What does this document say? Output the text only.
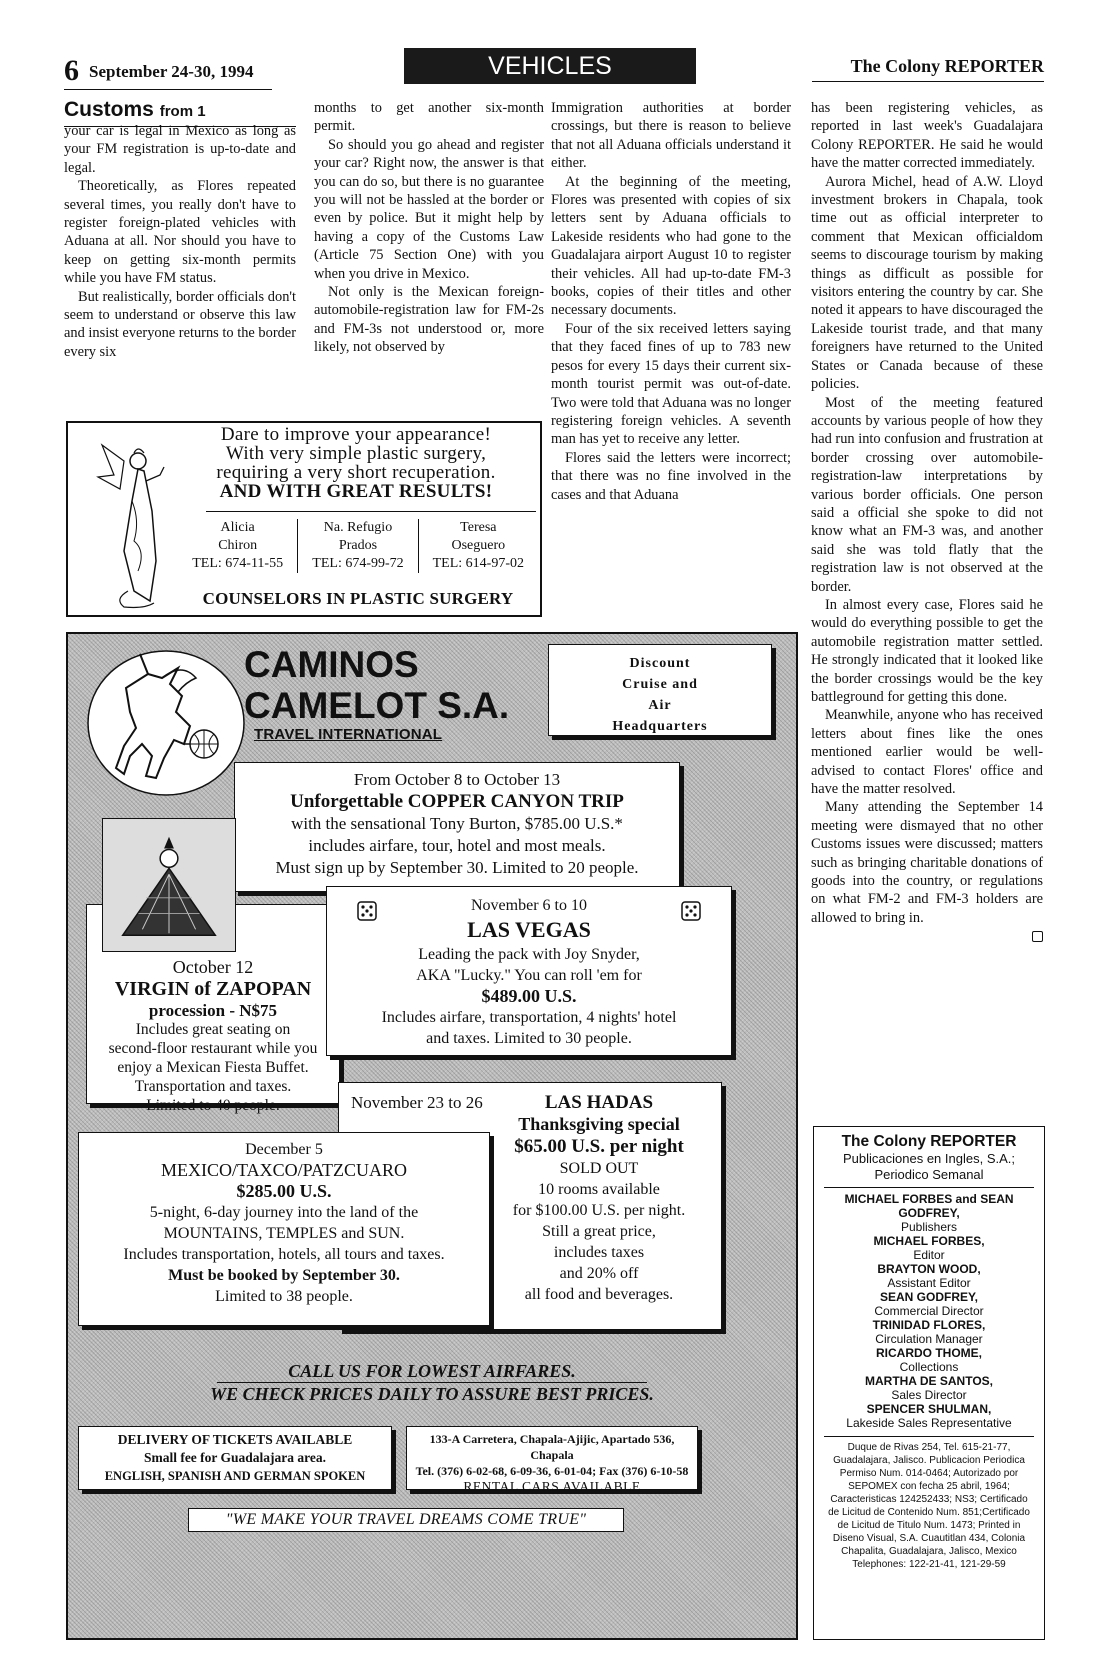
6 September 24-30, 1994	VEHICLES	The Colony REPORTER
Customs from 1

your car is legal in Mexico as long as your FM registration is up-to-date and legal.

Theoretically, as Flores repeated several times, you really don't have to register foreign-plated vehicles with Aduana at all. Nor should you have to keep on getting six-month permits while you have FM status.

But realistically, border officials don't seem to understand or observe this law and insist everyone returns to the border every six

months to get another six-month permit.

So should you go ahead and register your car? Right now, the answer is that you can do so, but there is no guarantee you will not be hassled at the border or even by police. But it might help by having a copy of the Customs Law (Article 75 Section One) with you when you drive in Mexico.

Not only is the Mexican foreign-automobile-registration law for FM-2s and FM-3s not understood or, more likely, not observed by

Immigration authorities at border crossings, but there is reason to believe that not all Aduana officials understand it either.

At the beginning of the meeting, Flores was presented with copies of six letters sent by Aduana officials to Lakeside residents who had gone to the Guadalajara airport August 10 to register their vehicles. All had up-to-date FM-3 books, copies of their titles and other necessary documents.

Four of the six received letters saying that they faced fines of up to 783 new pesos for every 15 days their current six-month tourist permit was out-of-date. Two were told that Aduana was no longer registering foreign vehicles. A seventh man has yet to receive any letter.

Flores said the letters were incorrect; that there was no fine involved in the cases and that Aduana

has been registering vehicles, as reported in last week's Guadalajara Colony REPORTER. He said he would have the matter corrected immediately.

Aurora Michel, head of A.W. Lloyd investment brokers in Chapala, took time out as official interpreter to comment that Mexican officialdom seems to discourage tourism by making things as difficult as possible for visitors entering the country by car. She noted it appears to have discouraged the Lakeside tourist trade, and that many foreigners have returned to the United States or Canada because of these policies.

Most of the meeting featured accounts by various people of how they had run into confusion and frustration at border crossing over automobile-registration-law interpretations by various border officials. One person said a official she spoke to did not know what an FM-3 was, and another said she was told flatly that the registration law is not observed at the border.

In almost every case, Flores said he would do everything possible to get the automobile registration matter settled. He strongly indicated that it looked like the border crossings would be the key battleground for getting this done.

Meanwhile, anyone who has received letters about fines like the ones mentioned earlier would be well-advised to contact Flores' office and have the matter resolved.

Many attending the September 14 meeting were dismayed that no other Customs issues were discussed; matters such as bringing charitable donations of goods into the country, or regulations on what FM-2 and FM-3 holders are allowed to bring in.

Dare to improve your appearance!
With very simple plastic surgery,
requiring a very short recuperation.
AND WITH GREAT RESULTS!
Alicia
Chiron
TEL: 674-11-55
Na. Refugio
Prados
TEL: 674-99-72
Teresa
Oseguero
TEL: 614-97-02
COUNSELORS IN PLASTIC SURGERY
CAMINOS
CAMELOT S.A.
TRAVEL INTERNATIONAL
Discount
Cruise and
Air
Headquarters
From October 8 to October 13
Unforgettable COPPER CANYON TRIP
with the sensational Tony Burton, $785.00 U.S.*
includes airfare, tour, hotel and most meals.
Must sign up by September 30. Limited to 20 people.
October 12
VIRGIN of ZAPOPAN
procession - N$75
Includes great seating on
second-floor restaurant while you
enjoy a Mexican Fiesta Buffet.
Transportation and taxes.
Limited to 40 people.
November 6 to 10
LAS VEGAS
Leading the pack with Joy Snyder,
AKA "Lucky." You can roll 'em for
$489.00 U.S.
Includes airfare, transportation, 4 nights' hotel
and taxes. Limited to 30 people.
November 23 to 26	LAS HADAS
Thanksgiving special
$65.00 U.S. per night
SOLD OUT
10 rooms available
for $100.00 U.S. per night.
Still a great price,
includes taxes
and 20% off
all food and beverages.
December 5
MEXICO/TAXCO/PATZCUARO
$285.00 U.S.
5-night, 6-day journey into the land of the
MOUNTAINS, TEMPLES and SUN.
Includes transportation, hotels, all tours and taxes.
Must be booked by September 30.
Limited to 38 people.
CALL US FOR LOWEST AIRFARES.
WE CHECK PRICES DAILY TO ASSURE BEST PRICES.
DELIVERY OF TICKETS AVAILABLE
Small fee for Guadalajara area.
ENGLISH, SPANISH AND GERMAN SPOKEN
133-A Carretera, Chapala-Ajijic, Apartado 536, Chapala
Tel. (376) 6-02-68, 6-09-36, 6-01-04; Fax (376) 6-10-58
RENTAL CARS AVAILABLE
"WE MAKE YOUR TRAVEL DREAMS COME TRUE"
The Colony REPORTER
Publicaciones en Ingles, S.A.;
Periodico Semanal
MICHAEL FORBES and SEAN GODFREY,
Publishers
MICHAEL FORBES,
Editor
BRAYTON WOOD,
Assistant Editor
SEAN GODFREY,
Commercial Director
TRINIDAD FLORES,
Circulation Manager
RICARDO THOME,
Collections
MARTHA DE SANTOS,
Sales Director
SPENCER SHULMAN,
Lakeside Sales Representative
Duque de Rivas 254, Tel. 615-21-77, Guadalajara, Jalisco. Publicacion Periodica Permiso Num. 014-0464; Autorizado por SEPOMEX con fecha 25 abril, 1964; Caracteristicas 124252433; NS3; Certificado de Licitud de Contenido Num. 851;Certificado de Licitud de Titulo Num. 1473; Printed in Diseno Visual, S.A. Cuautitlan 434, Colonia Chapalita, Guadalajara, Jalisco, Mexico
Telephones: 122-21-41, 121-29-59
